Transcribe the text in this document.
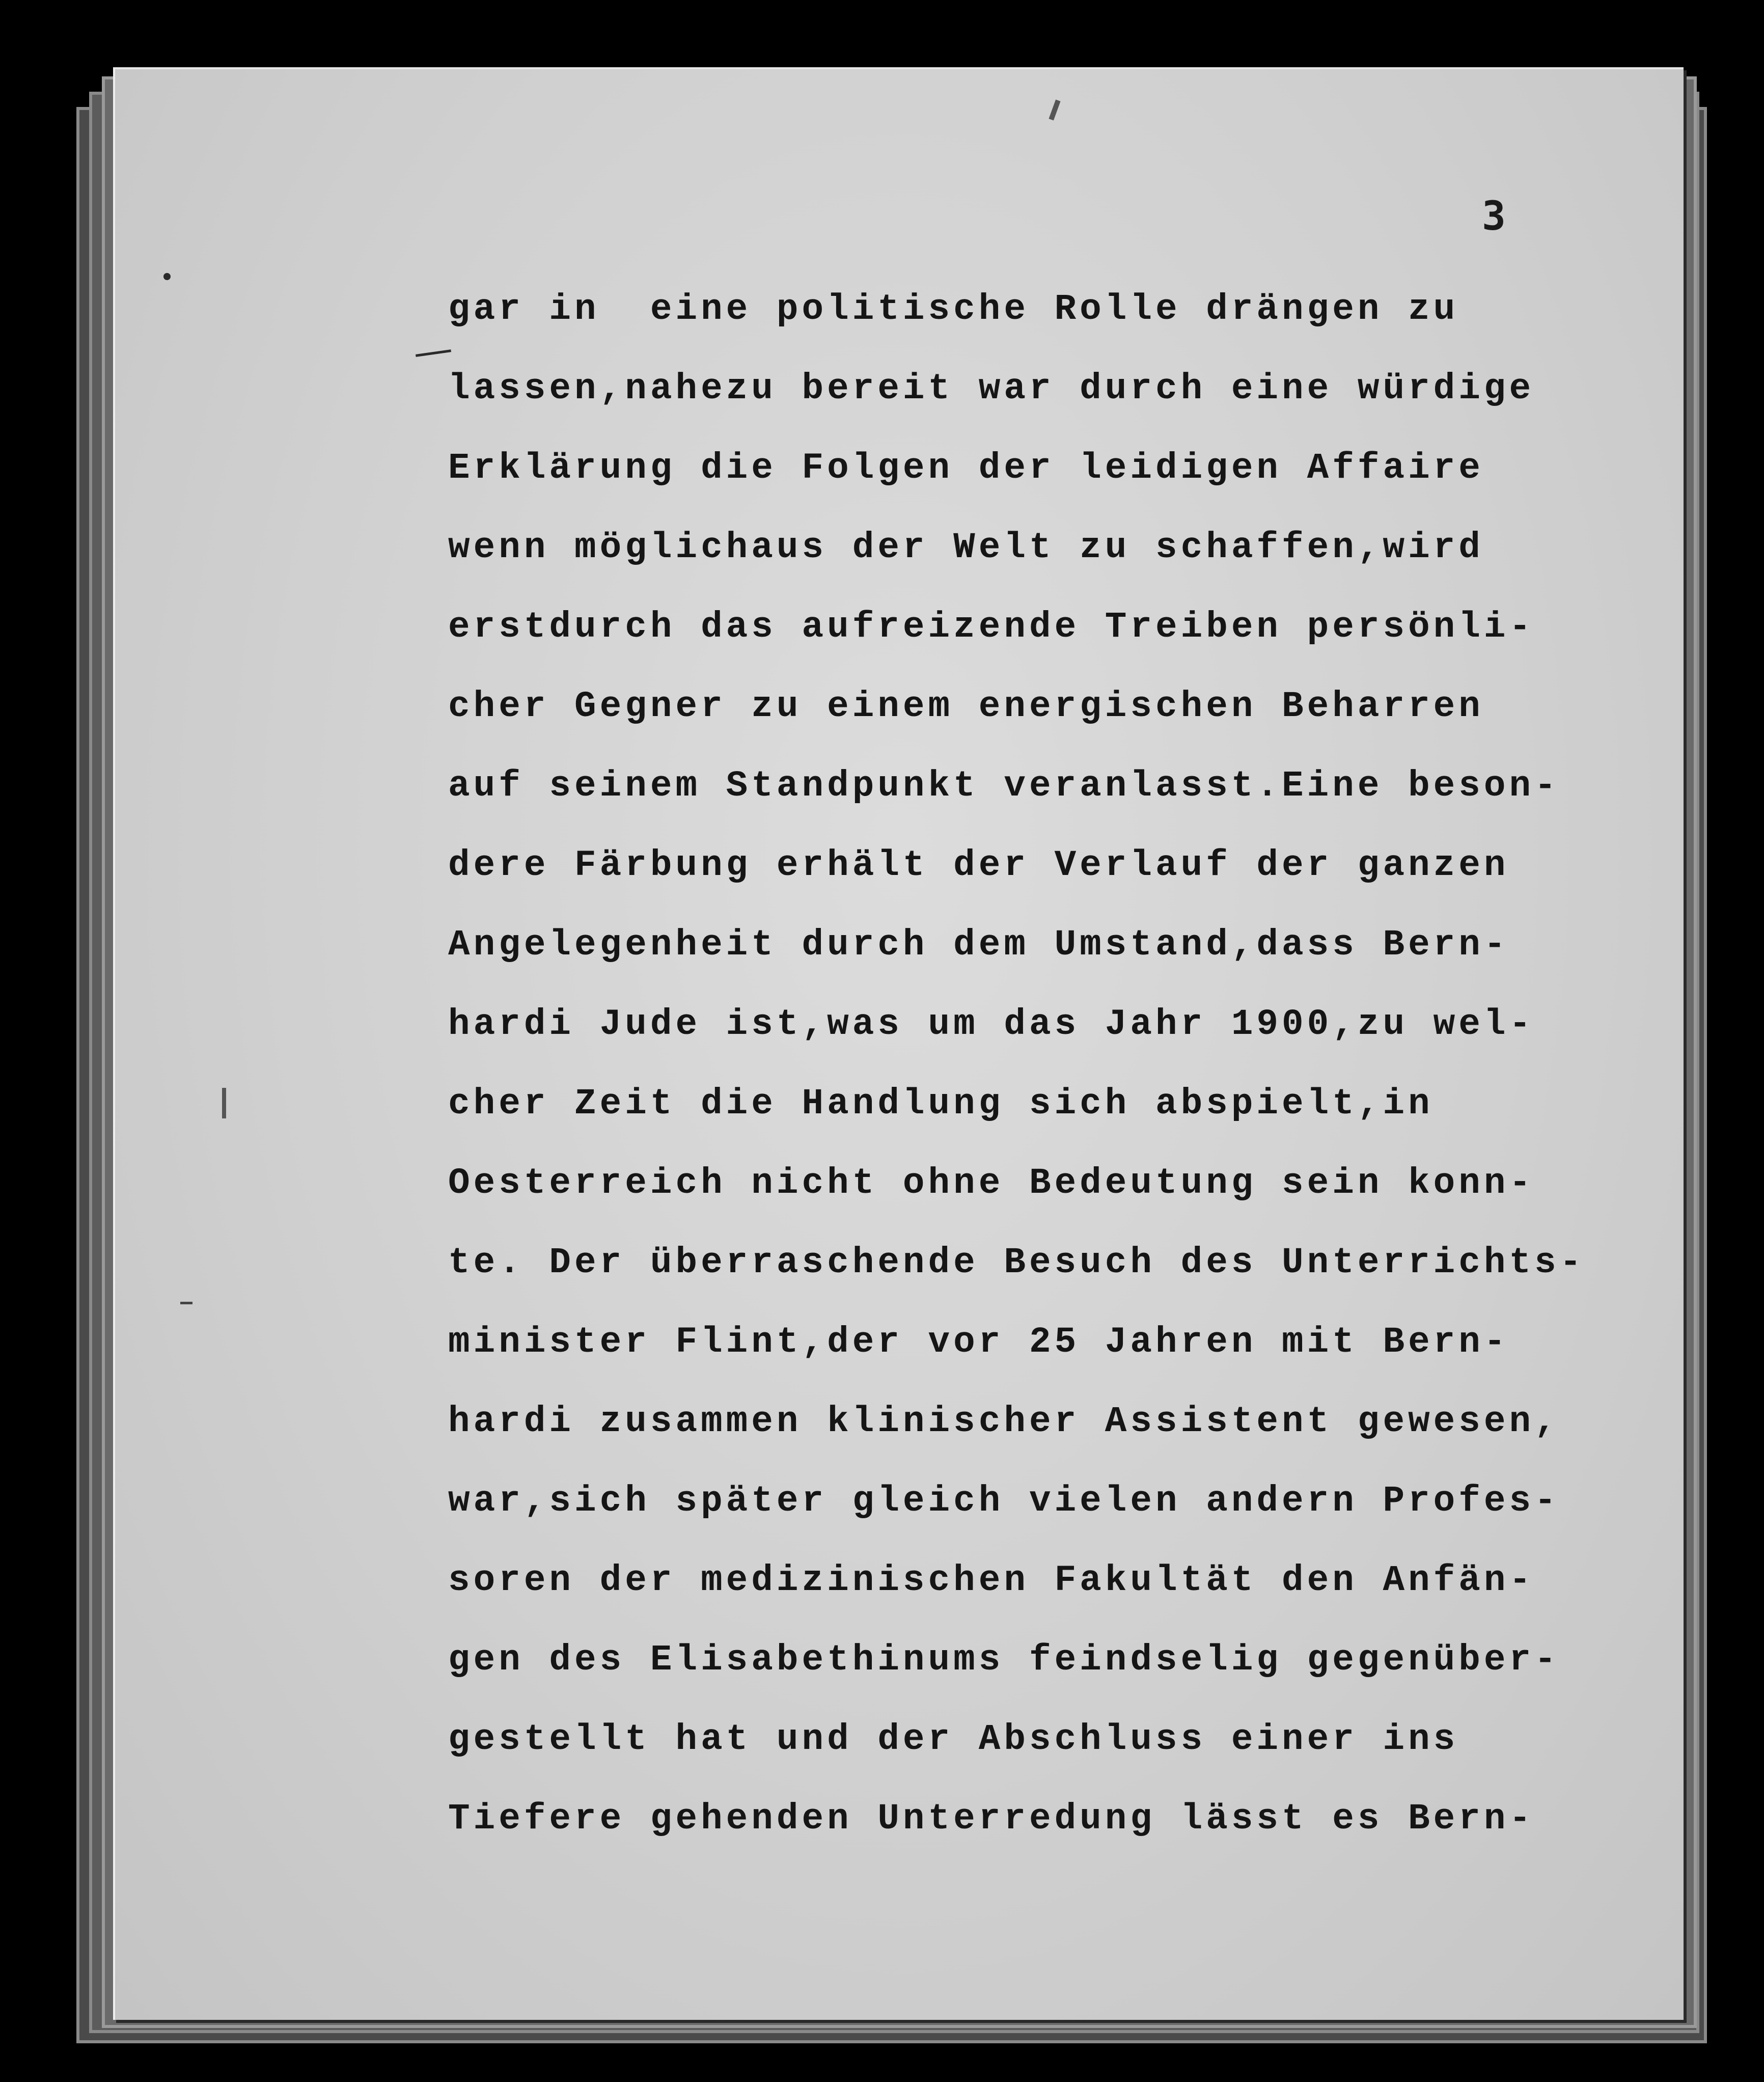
3
gar in  eine politische Rolle drängen zu
lassen,nahezu bereit war durch eine würdige
Erklärung die Folgen der leidigen Affaire
wenn möglichaus der Welt zu schaffen,wird
erstdurch das aufreizende Treiben persönli-
cher Gegner zu einem energischen Beharren
auf seinem Standpunkt veranlasst.Eine beson-
dere Färbung erhält der Verlauf der ganzen
Angelegenheit durch dem Umstand,dass Bern-
hardi Jude ist,was um das Jahr 1900,zu wel-
cher Zeit die Handlung sich abspielt,in
Oesterreich nicht ohne Bedeutung sein konn-
te. Der überraschende Besuch des Unterrichts-
minister Flint,der vor 25 Jahren mit Bern-
hardi zusammen klinischer Assistent gewesen,
war,sich später gleich vielen andern Profes-
soren der medizinischen Fakultät den Anfän-
gen des Elisabethinums feindselig gegenüber-
gestellt hat und der Abschluss einer ins
Tiefere gehenden Unterredung lässt es Bern-
